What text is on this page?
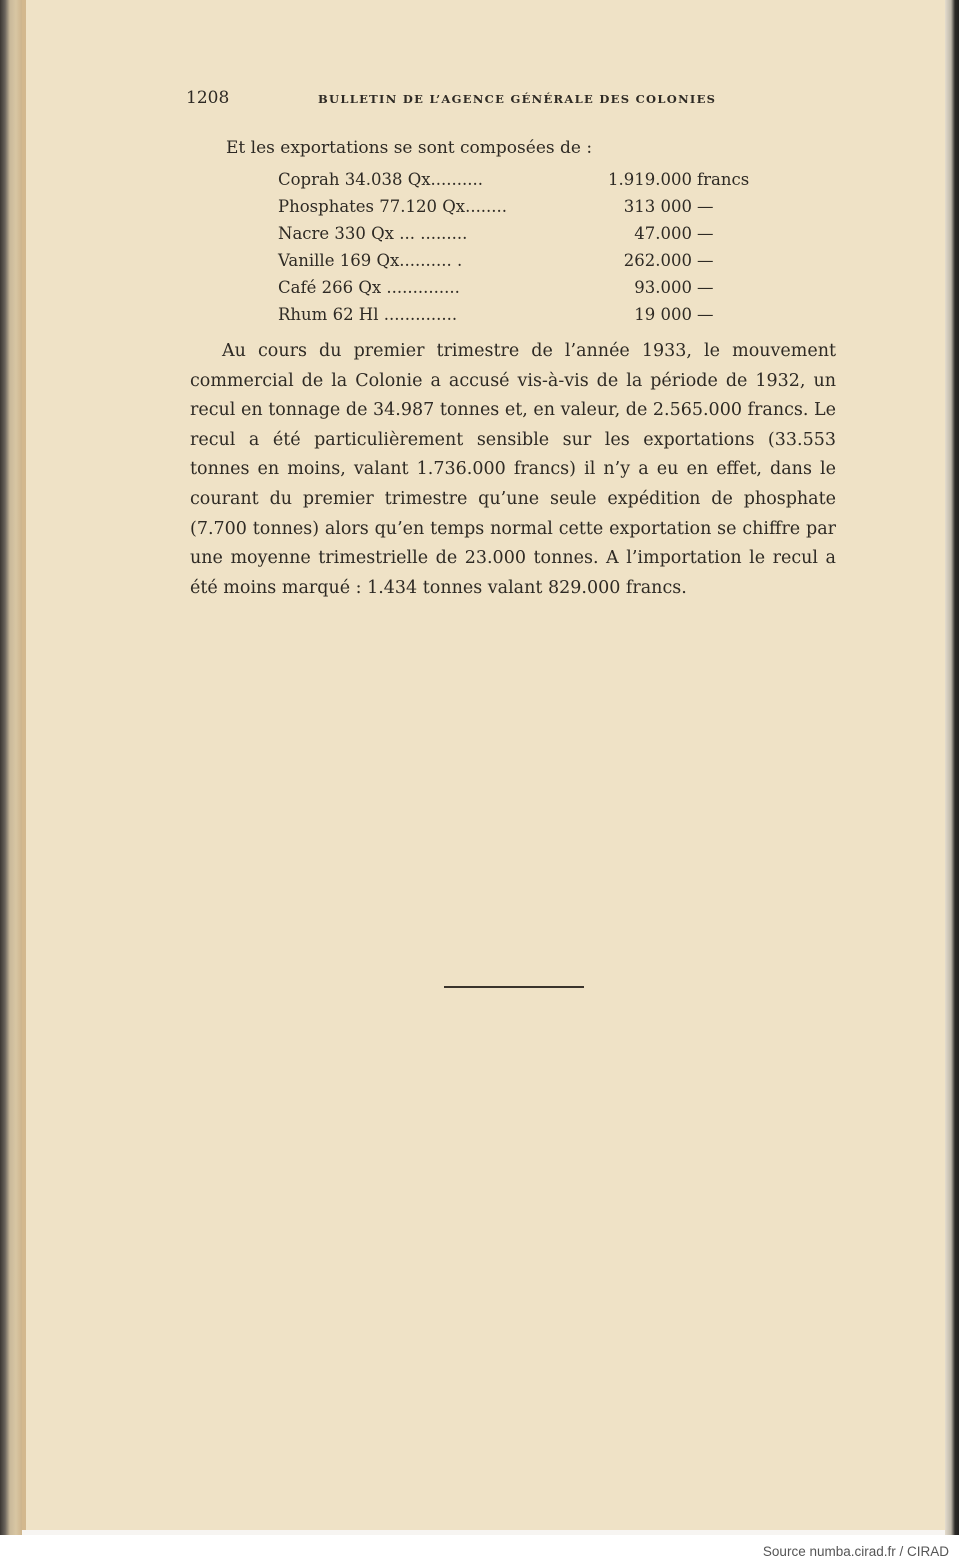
1208	BULLETIN DE L’AGENCE GÉNÉRALE DES COLONIES
Et les exportations se sont composées de :
Coprah 34.038 Qx..........	1.919.000 francs
Phosphates 77.120 Qx........	313 000 —
Nacre 330 Qx ... .........	47.000 —
Vanille 169 Qx.......... .	262.000 —
Café 266 Qx ..............	93.000 —
Rhum 62 Hl ..............	19 000 —

Au cours du premier trimestre de l’année 1933, le mouvement commercial de la Colonie a accusé vis-à-vis de la période de 1932, un recul en tonnage de 34.987 tonnes et, en valeur, de 2.565.000 francs. Le recul a été particulièrement sensible sur les exportations (33.553 tonnes en moins, valant 1.736.000 francs) il n’y a eu en effet, dans le courant du premier trimestre qu’une seule expédition de phosphate (7.700 tonnes) alors qu’en temps normal cette exportation se chiffre par une moyenne trimestrielle de 23.000 tonnes. A l’importation le recul a été moins marqué : 1.434 tonnes valant 829.000 francs.

Source numba.cirad.fr / CIRAD
